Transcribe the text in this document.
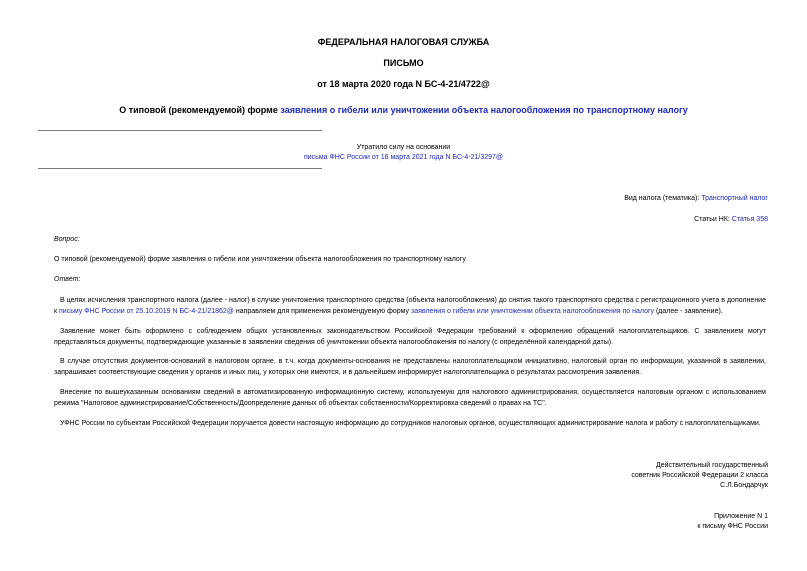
ФЕДЕРАЛЬНАЯ НАЛОГОВАЯ СЛУЖБА
ПИСЬМО
от 18 марта 2020 года N БС-4-21/4722@
О типовой (рекомендуемой) форме заявления о гибели или уничтожении объекта налогообложения по транспортному налогу
Утратило силу на основании
письма ФНС России от 16 марта 2021 года N БС-4-21/3297@
Вид налога (тематика): Транспортный налог
Статьи НК: Статья 358
Вопрос:
О типовой (рекомендуемой) форме заявления о гибели или уничтожении объекта налогообложения по транспортному налогу
Ответ:

В целях исчисления транспортного налога (далее - налог) в случае уничтожения транспортного средства (объекта налогообложения) до снятия такого транспортного средства с регистрационного учета в дополнение к письму ФНС России от 25.10.2019 N БС-4-21/21862@ направляем для применения рекомендуемую форму заявления о гибели или уничтожении объекта налогообложения по налогу (далее - заявление).

Заявление может быть оформлено с соблюдением общих установленных законодательством Российской Федерации требований к оформлению обращений налогоплательщиков. С заявлением могут представляться документы, подтверждающие указанные в заявлении сведения об уничтожении объекта налогообложения по налогу (с определённой календарной даты).

В случае отсутствия документов-оснований в налоговом органе, в т.ч. когда документы-основания не представлены налогоплательщиком инициативно, налоговый орган по информации, указанной в заявлении, запрашивает соответствующие сведения у органов и иных лиц, у которых они имеются, и в дальнейшем информирует налогоплательщика о результатах рассмотрения заявления.

Внесение по вышеуказанным основаниям сведений в автоматизированную информационную систему, используемую для налогового администрирования, осуществляется налоговым органом с использованием режима "Налоговое администрирование/Собственность/Доопределение данных об объектах собственности/Корректировка сведений о правах на ТС".

УФНС России по субъектам Российской Федерации поручается довести настоящую информацию до сотрудников налоговых органов, осуществляющих администрирование налога и работу с налогоплательщиками.

Действительный государственный
советник Российской Федерации 2 класса
С.Л.Бондарчук
Приложение N 1
к письму ФНС России
